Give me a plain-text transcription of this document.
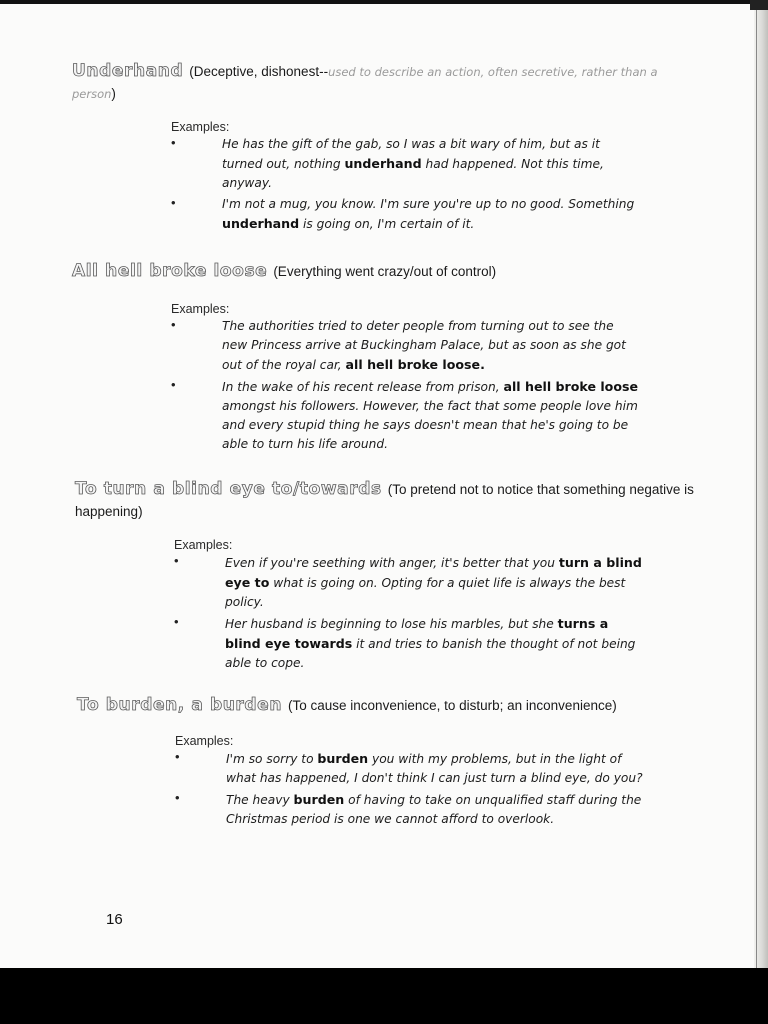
Underhand (Deceptive, dishonest--used to describe an action, often secretive, rather than a person)
Examples:
•	He has the gift of the gab, so I was a bit wary of him, but as it turned out, nothing underhand had happened. Not this time, anyway.
•	I'm not a mug, you know. I'm sure you're up to no good. Something underhand is going on, I'm certain of it.
All hell broke loose (Everything went crazy/out of control)
Examples:
•	The authorities tried to deter people from turning out to see the new Princess arrive at Buckingham Palace, but as soon as she got out of the royal car, all hell broke loose.
•	In the wake of his recent release from prison, all hell broke loose amongst his followers. However, the fact that some people love him and every stupid thing he says doesn't mean that he's going to be able to turn his life around.
To turn a blind eye to/towards (To pretend not to notice that something negative is happening)
Examples:
•	Even if you're seething with anger, it's better that you turn a blind eye to what is going on. Opting for a quiet life is always the best policy.
•	Her husband is beginning to lose his marbles, but she turns a blind eye towards it and tries to banish the thought of not being able to cope.
To burden, a burden (To cause inconvenience, to disturb; an inconvenience)
Examples:
•	I'm so sorry to burden you with my problems, but in the light of what has happened, I don't think I can just turn a blind eye, do you?
•	The heavy burden of having to take on unqualified staff during the Christmas period is one we cannot afford to overlook.
16
